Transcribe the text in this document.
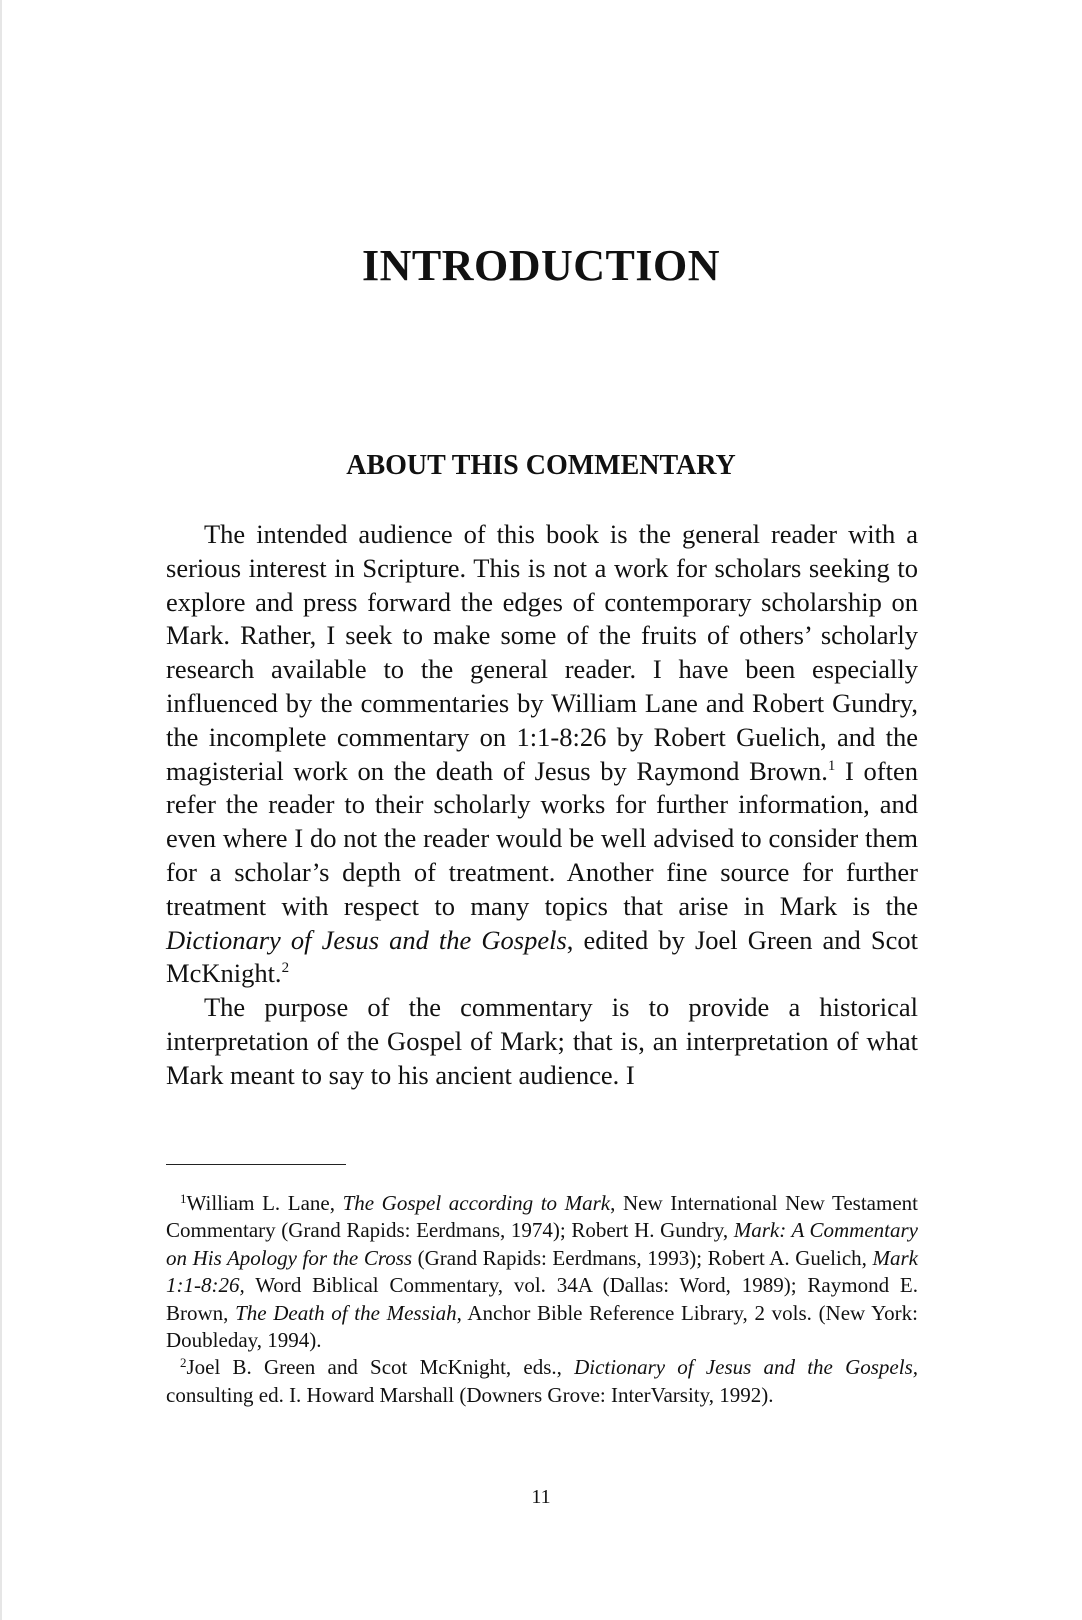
INTRODUCTION
ABOUT THIS COMMENTARY

The intended audience of this book is the general reader with a serious interest in Scripture. This is not a work for scholars seeking to explore and press forward the edges of contemporary scholarship on Mark. Rather, I seek to make some of the fruits of others’ scholarly research available to the general reader. I have been especially influenced by the commentaries by William Lane and Robert Gundry, the incomplete commentary on 1:1-8:26 by Robert Guelich, and the magisterial work on the death of Jesus by Raymond Brown.$^1$ I often refer the reader to their scholarly works for further information, and even where I do not the reader would be well advised to consider them for a scholar’s depth of treatment. Another fine source for further treatment with respect to many topics that arise in Mark is the Dictionary of Jesus and the Gospels, edited by Joel Green and Scot McKnight.$^2$

The purpose of the commentary is to provide a historical interpretation of the Gospel of Mark; that is, an interpretation of what Mark meant to say to his ancient audience. I

$^1$William L. Lane, The Gospel according to Mark, New International New Testament Commentary (Grand Rapids: Eerdmans, 1974); Robert H. Gundry, Mark: A Commentary on His Apology for the Cross (Grand Rapids: Eerdmans, 1993); Robert A. Guelich, Mark 1:1-8:26, Word Biblical Commentary, vol. 34A (Dallas: Word, 1989); Raymond E. Brown, The Death of the Messiah, Anchor Bible Reference Library, 2 vols. (New York: Doubleday, 1994).

$^2$Joel B. Green and Scot McKnight, eds., Dictionary of Jesus and the Gospels, consulting ed. I. Howard Marshall (Downers Grove: InterVarsity, 1992).

11
